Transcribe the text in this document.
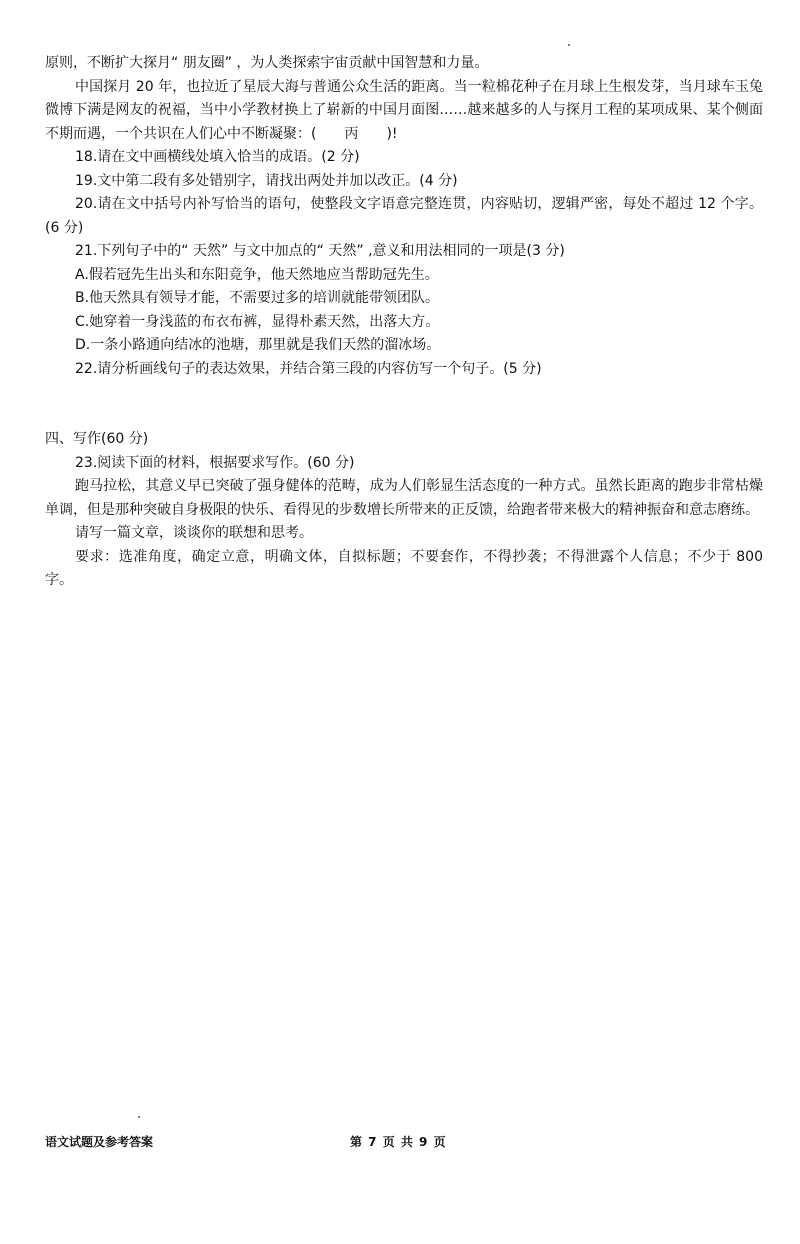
原则，不断扩大探月“ 朋友圈” ，为人类探索宇宙贡献中国智慧和力量。

中国探月 20 年，也拉近了星辰大海与普通公众生活的距离。当一粒棉花种子在月球上生根发芽，当月球车玉兔微博下满是网友的祝福，当中小学教材换上了崭新的中国月面图……越来越多的人与探月工程的某项成果、某个侧面不期而遇，一个共识在人们心中不断凝聚：(　　丙　　)!

18.请在文中画横线处填入恰当的成语。(2 分)

19.文中第二段有多处错别字，请找出两处并加以改正。(4 分)

20.请在文中括号内补写恰当的语句，使整段文字语意完整连贯，内容贴切，逻辑严密，每处不超过 12 个字。(6 分)

21.下列句子中的“ 天然” 与文中加点的“ 天然” ,意义和用法相同的一项是(3 分)

A.假若冠先生出头和东阳竞争，他天然地应当帮助冠先生。

B.他天然具有领导才能，不需要过多的培训就能带领团队。

C.她穿着一身浅蓝的布衣布裤，显得朴素天然，出落大方。

D.一条小路通向结冰的池塘，那里就是我们天然的溜冰场。

22.请分析画线句子的表达效果，并结合第三段的内容仿写一个句子。(5 分)

四、写作(60 分)

23.阅读下面的材料，根据要求写作。(60 分)

跑马拉松，其意义早已突破了强身健体的范畴，成为人们彰显生活态度的一种方式。虽然长距离的跑步非常枯燥单调，但是那种突破自身极限的快乐、看得见的步数增长所带来的正反馈，给跑者带来极大的精神振奋和意志磨练。

请写一篇文章，谈谈你的联想和思考。

要求：选准角度，确定立意，明确文体，自拟标题；不要套作，不得抄袭；不得泄露个人信息；不少于 800 字。

语文试题及参考答案	第 7 页 共 9 页
